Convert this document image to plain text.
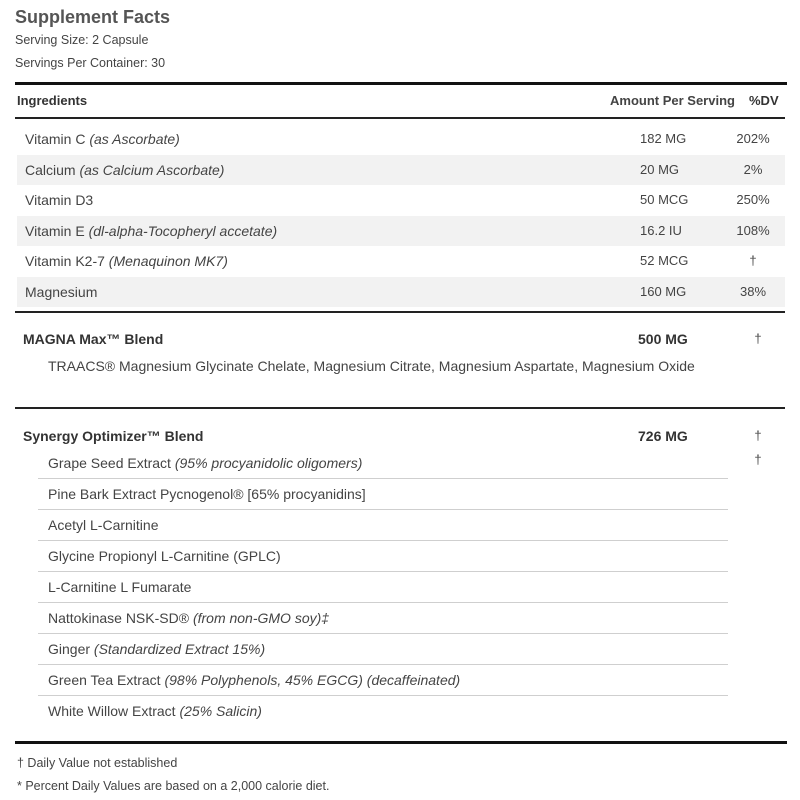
Supplement Facts
Serving Size: 2 Capsule
Servings Per Container: 30
Ingredients	Amount Per Serving %DV
Vitamin C (as Ascorbate)	182 MG	202%
Calcium (as Calcium Ascorbate)	20 MG	2%
Vitamin D3	50 MCG	250%
Vitamin E (dl-alpha-Tocopheryl accetate)	16.2 IU	108%
Vitamin K2-7 (Menaquinon MK7)	52 MCG	†
Magnesium	160 MG	38%
MAGNA Max™ Blend	500 MG	†
TRAACS® Magnesium Glycinate Chelate, Magnesium Citrate, Magnesium Aspartate, Magnesium Oxide
Synergy Optimizer™ Blend	726 MG	†
†
Grape Seed Extract (95% procyanidolic oligomers)
Pine Bark Extract Pycnogenol® [65% procyanidins]
Acetyl L-Carnitine
Glycine Propionyl L-Carnitine (GPLC)
L-Carnitine L Fumarate
Nattokinase NSK-SD® (from non-GMO soy)‡
Ginger (Standardized Extract 15%)
Green Tea Extract (98% Polyphenols, 45% EGCG) (decaffeinated)
White Willow Extract (25% Salicin)
† Daily Value not established
* Percent Daily Values are based on a 2,000 calorie diet.
